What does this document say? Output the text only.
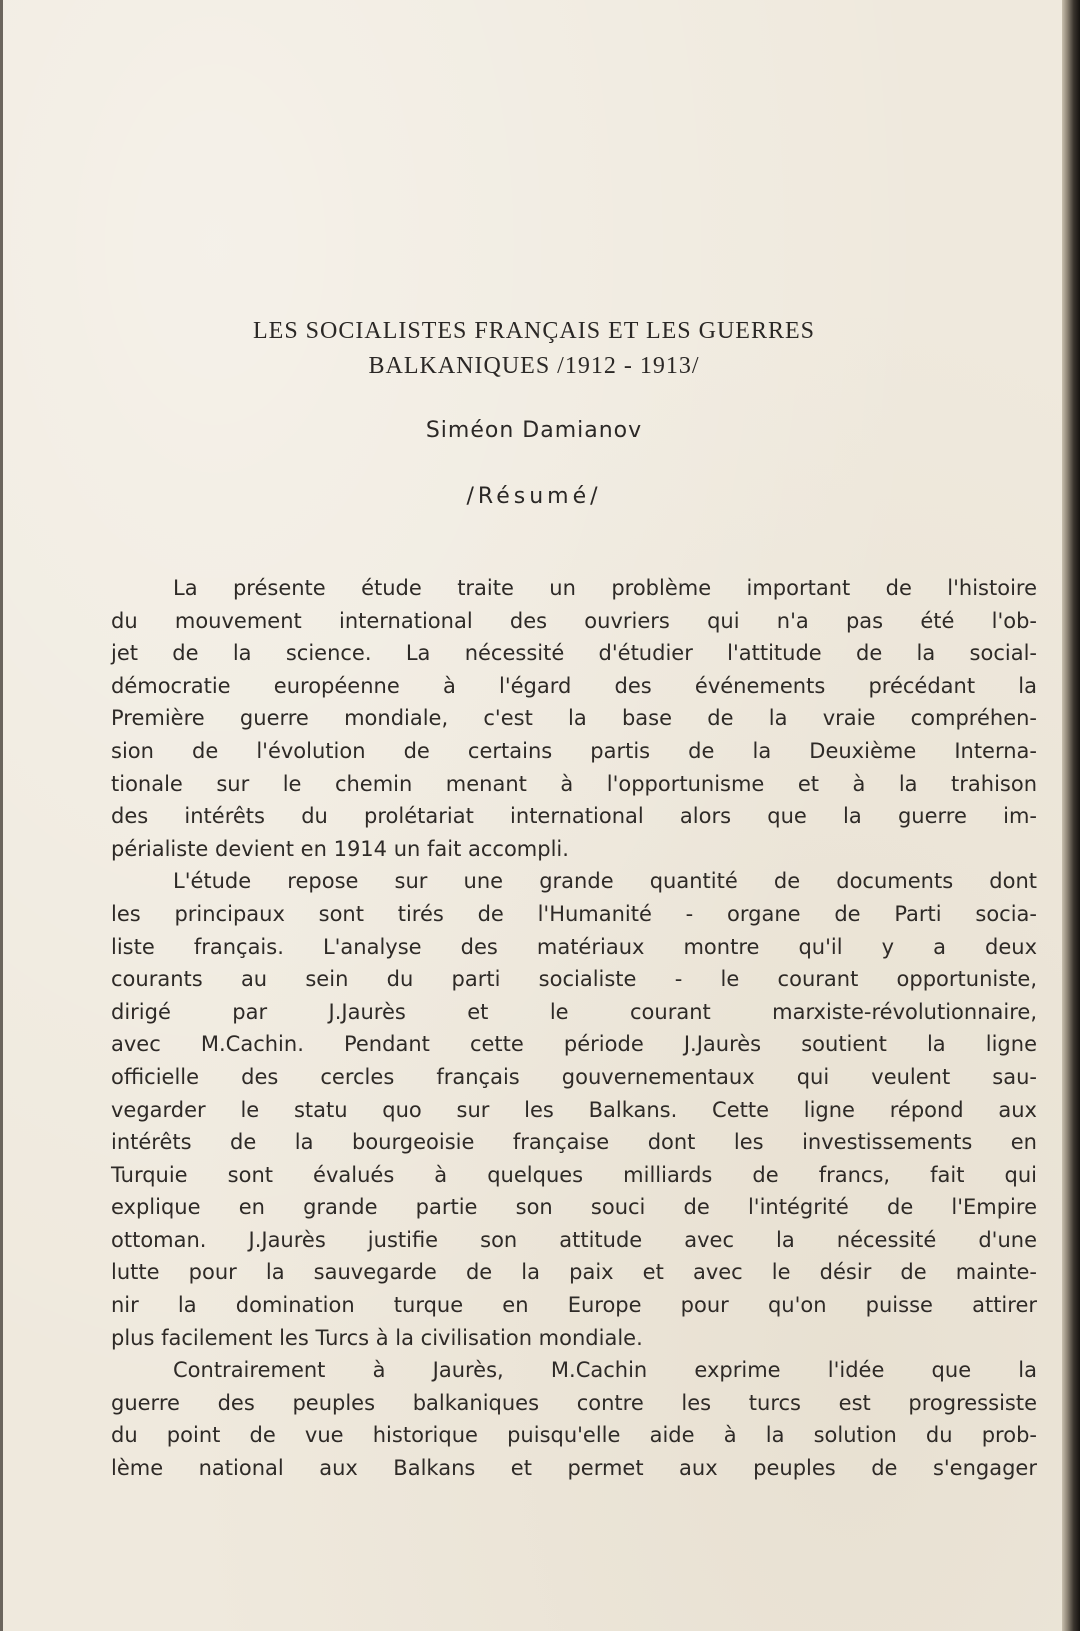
LES SOCIALISTES FRANÇAIS ET LES GUERRES
BALKANIQUES /1912 - 1913/
Siméon Damianov
/Résumé/
La présente étude traite un problème important de l'histoire
du mouvement international des ouvriers qui n'a pas été l'ob-
jet de la science. La nécessité d'étudier l'attitude de la social-
démocratie européenne à l'égard des événements précédant la
Première guerre mondiale, c'est la base de la vraie compréhen-
sion de l'évolution de certains partis de la Deuxième Interna-
tionale sur le chemin menant à l'opportunisme et à la trahison
des intérêts du prolétariat international alors que la guerre im-
périaliste devient en 1914 un fait accompli.
L'étude repose sur une grande quantité de documents dont
les principaux sont tirés de l'Humanité - organe de Parti socia-
liste français. L'analyse des matériaux montre qu'il y a deux
courants au sein du parti socialiste - le courant opportuniste,
dirigé par J.Jaurès et le courant marxiste-révolutionnaire,
avec M.Cachin. Pendant cette période J.Jaurès soutient la ligne
officielle des cercles français gouvernementaux qui veulent sau-
vegarder le statu quo sur les Balkans. Cette ligne répond aux
intérêts de la bourgeoisie française dont les investissements en
Turquie sont évalués à quelques milliards de francs, fait qui
explique en grande partie son souci de l'intégrité de l'Empire
ottoman. J.Jaurès justifie son attitude avec la nécessité d'une
lutte pour la sauvegarde de la paix et avec le désir de mainte-
nir la domination turque en Europe pour qu'on puisse attirer
plus facilement les Turcs à la civilisation mondiale.
Contrairement à Jaurès, M.Cachin exprime l'idée que la
guerre des peuples balkaniques contre les turcs est progressiste
du point de vue historique puisqu'elle aide à la solution du prob-
lème national aux Balkans et permet aux peuples de s'engager
